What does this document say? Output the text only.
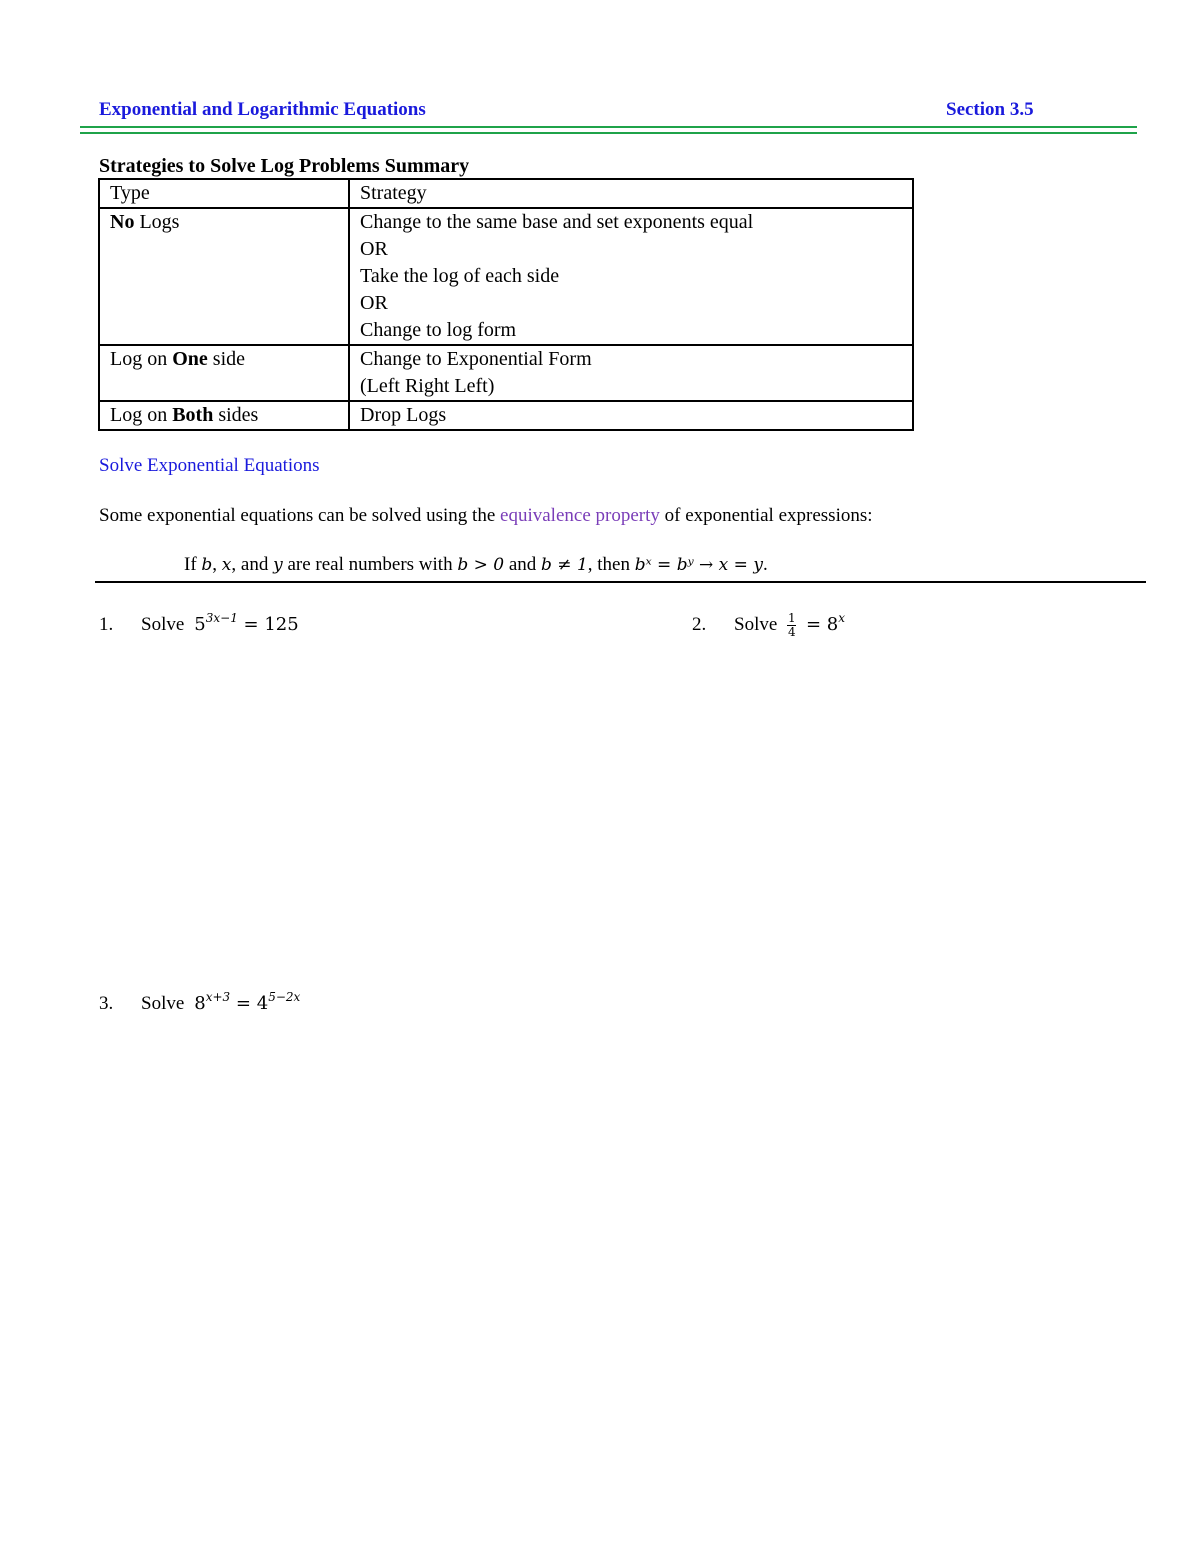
Exponential and Logarithmic Equations	Section 3.5
Strategies to Solve Log Problems Summary
Type	Strategy
No Logs	Change to the same base and set exponents equal
OR
Take the log of each side
OR
Change to log form

Log on One side	Change to Exponential Form
(Left Right Left)

Log on Both sides	Drop Logs
Solve Exponential Equations
Some exponential equations can be solved using the equivalence property of exponential expressions:
If b, x, and y are real numbers with b > 0 and b ≠ 1, then bˣ = bʸ → x = y.
1. Solve $5^{3x-1} = 125$	2. Solve $\frac{1}{4} = 8^x$
3. Solve $8^{x+3} = 4^{5-2x}$
